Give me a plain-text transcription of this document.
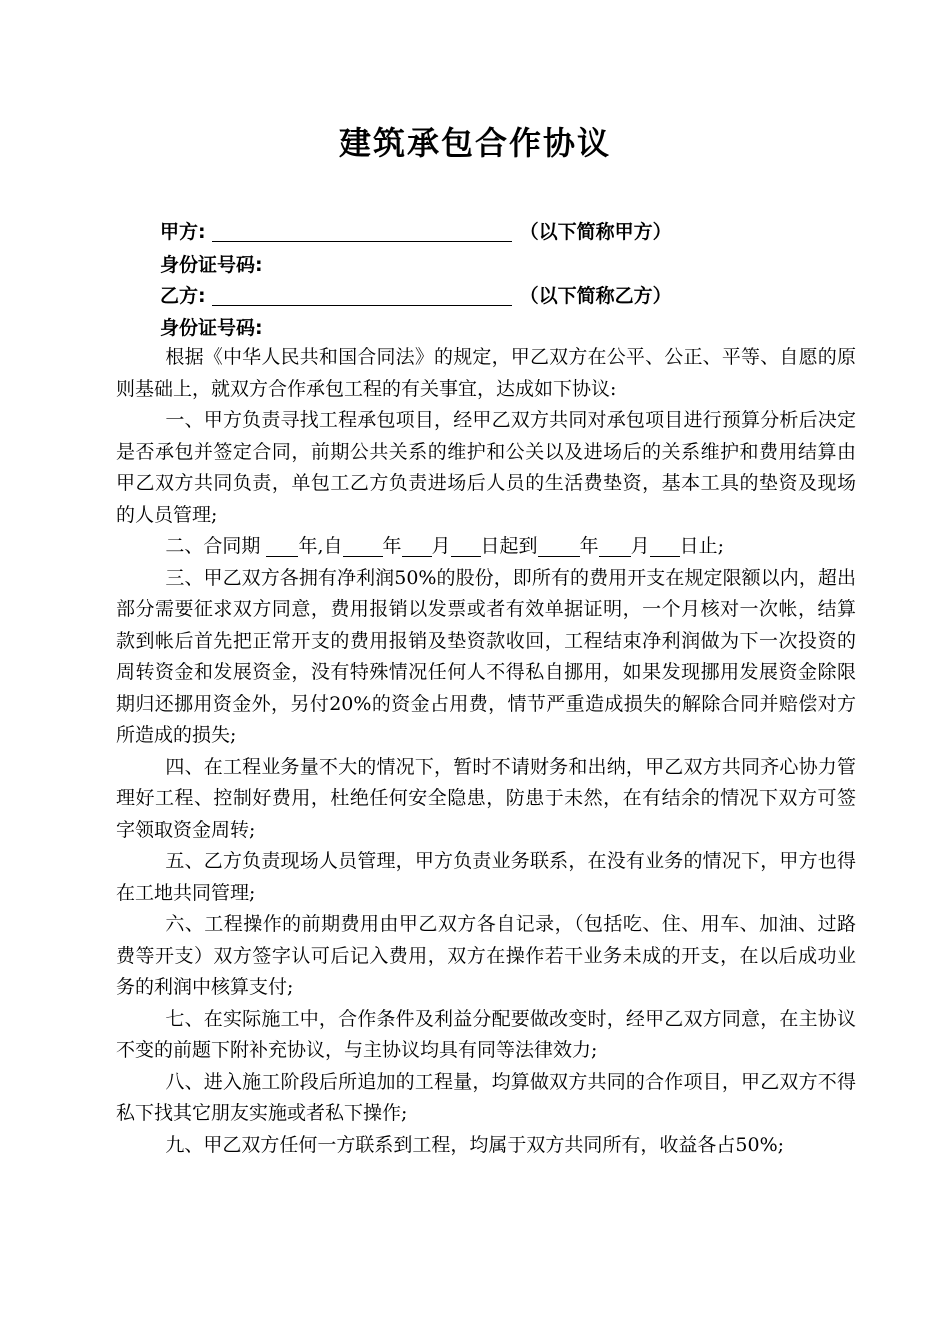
建筑承包合作协议
甲方:	（以下简称甲方）
身份证号码:
乙方:	（以下简称乙方）
身份证号码:

根据《中华人民共和国合同法》的规定，甲乙双方在公平、公正、平等、自愿的原则基础上，就双方合作承包工程的有关事宜，达成如下协议:

一、甲方负责寻找工程承包项目，经甲乙双方共同对承包项目进行预算分析后决定是否承包并签定合同，前期公共关系的维护和公关以及进场后的关系维护和费用结算由甲乙双方共同负责，单包工乙方负责进场后人员的生活费垫资，基本工具的垫资及现场的人员管理;

二、合同期 年,自 年 月 日起到 年 月 日止;

三、甲乙双方各拥有净利润50%的股份，即所有的费用开支在规定限额以内，超出部分需要征求双方同意，费用报销以发票或者有效单据证明，一个月核对一次帐，结算款到帐后首先把正常开支的费用报销及垫资款收回，工程结束净利润做为下一次投资的周转资金和发展资金，没有特殊情况任何人不得私自挪用，如果发现挪用发展资金除限期归还挪用资金外，另付20%的资金占用费，情节严重造成损失的解除合同并赔偿对方所造成的损失;

四、在工程业务量不大的情况下，暂时不请财务和出纳，甲乙双方共同齐心协力管理好工程、控制好费用，杜绝任何安全隐患，防患于未然，在有结余的情况下双方可签字领取资金周转;

五、乙方负责现场人员管理，甲方负责业务联系，在没有业务的情况下，甲方也得在工地共同管理;

六、工程操作的前期费用由甲乙双方各自记录，（包括吃、住、用车、加油、过路费等开支）双方签字认可后记入费用，双方在操作若干业务未成的开支，在以后成功业务的利润中核算支付;

七、在实际施工中，合作条件及利益分配要做改变时，经甲乙双方同意，在主协议不变的前题下附补充协议，与主协议均具有同等法律效力;

八、进入施工阶段后所追加的工程量，均算做双方共同的合作项目，甲乙双方不得私下找其它朋友实施或者私下操作;

九、甲乙双方任何一方联系到工程，均属于双方共同所有，收益各占50%;
